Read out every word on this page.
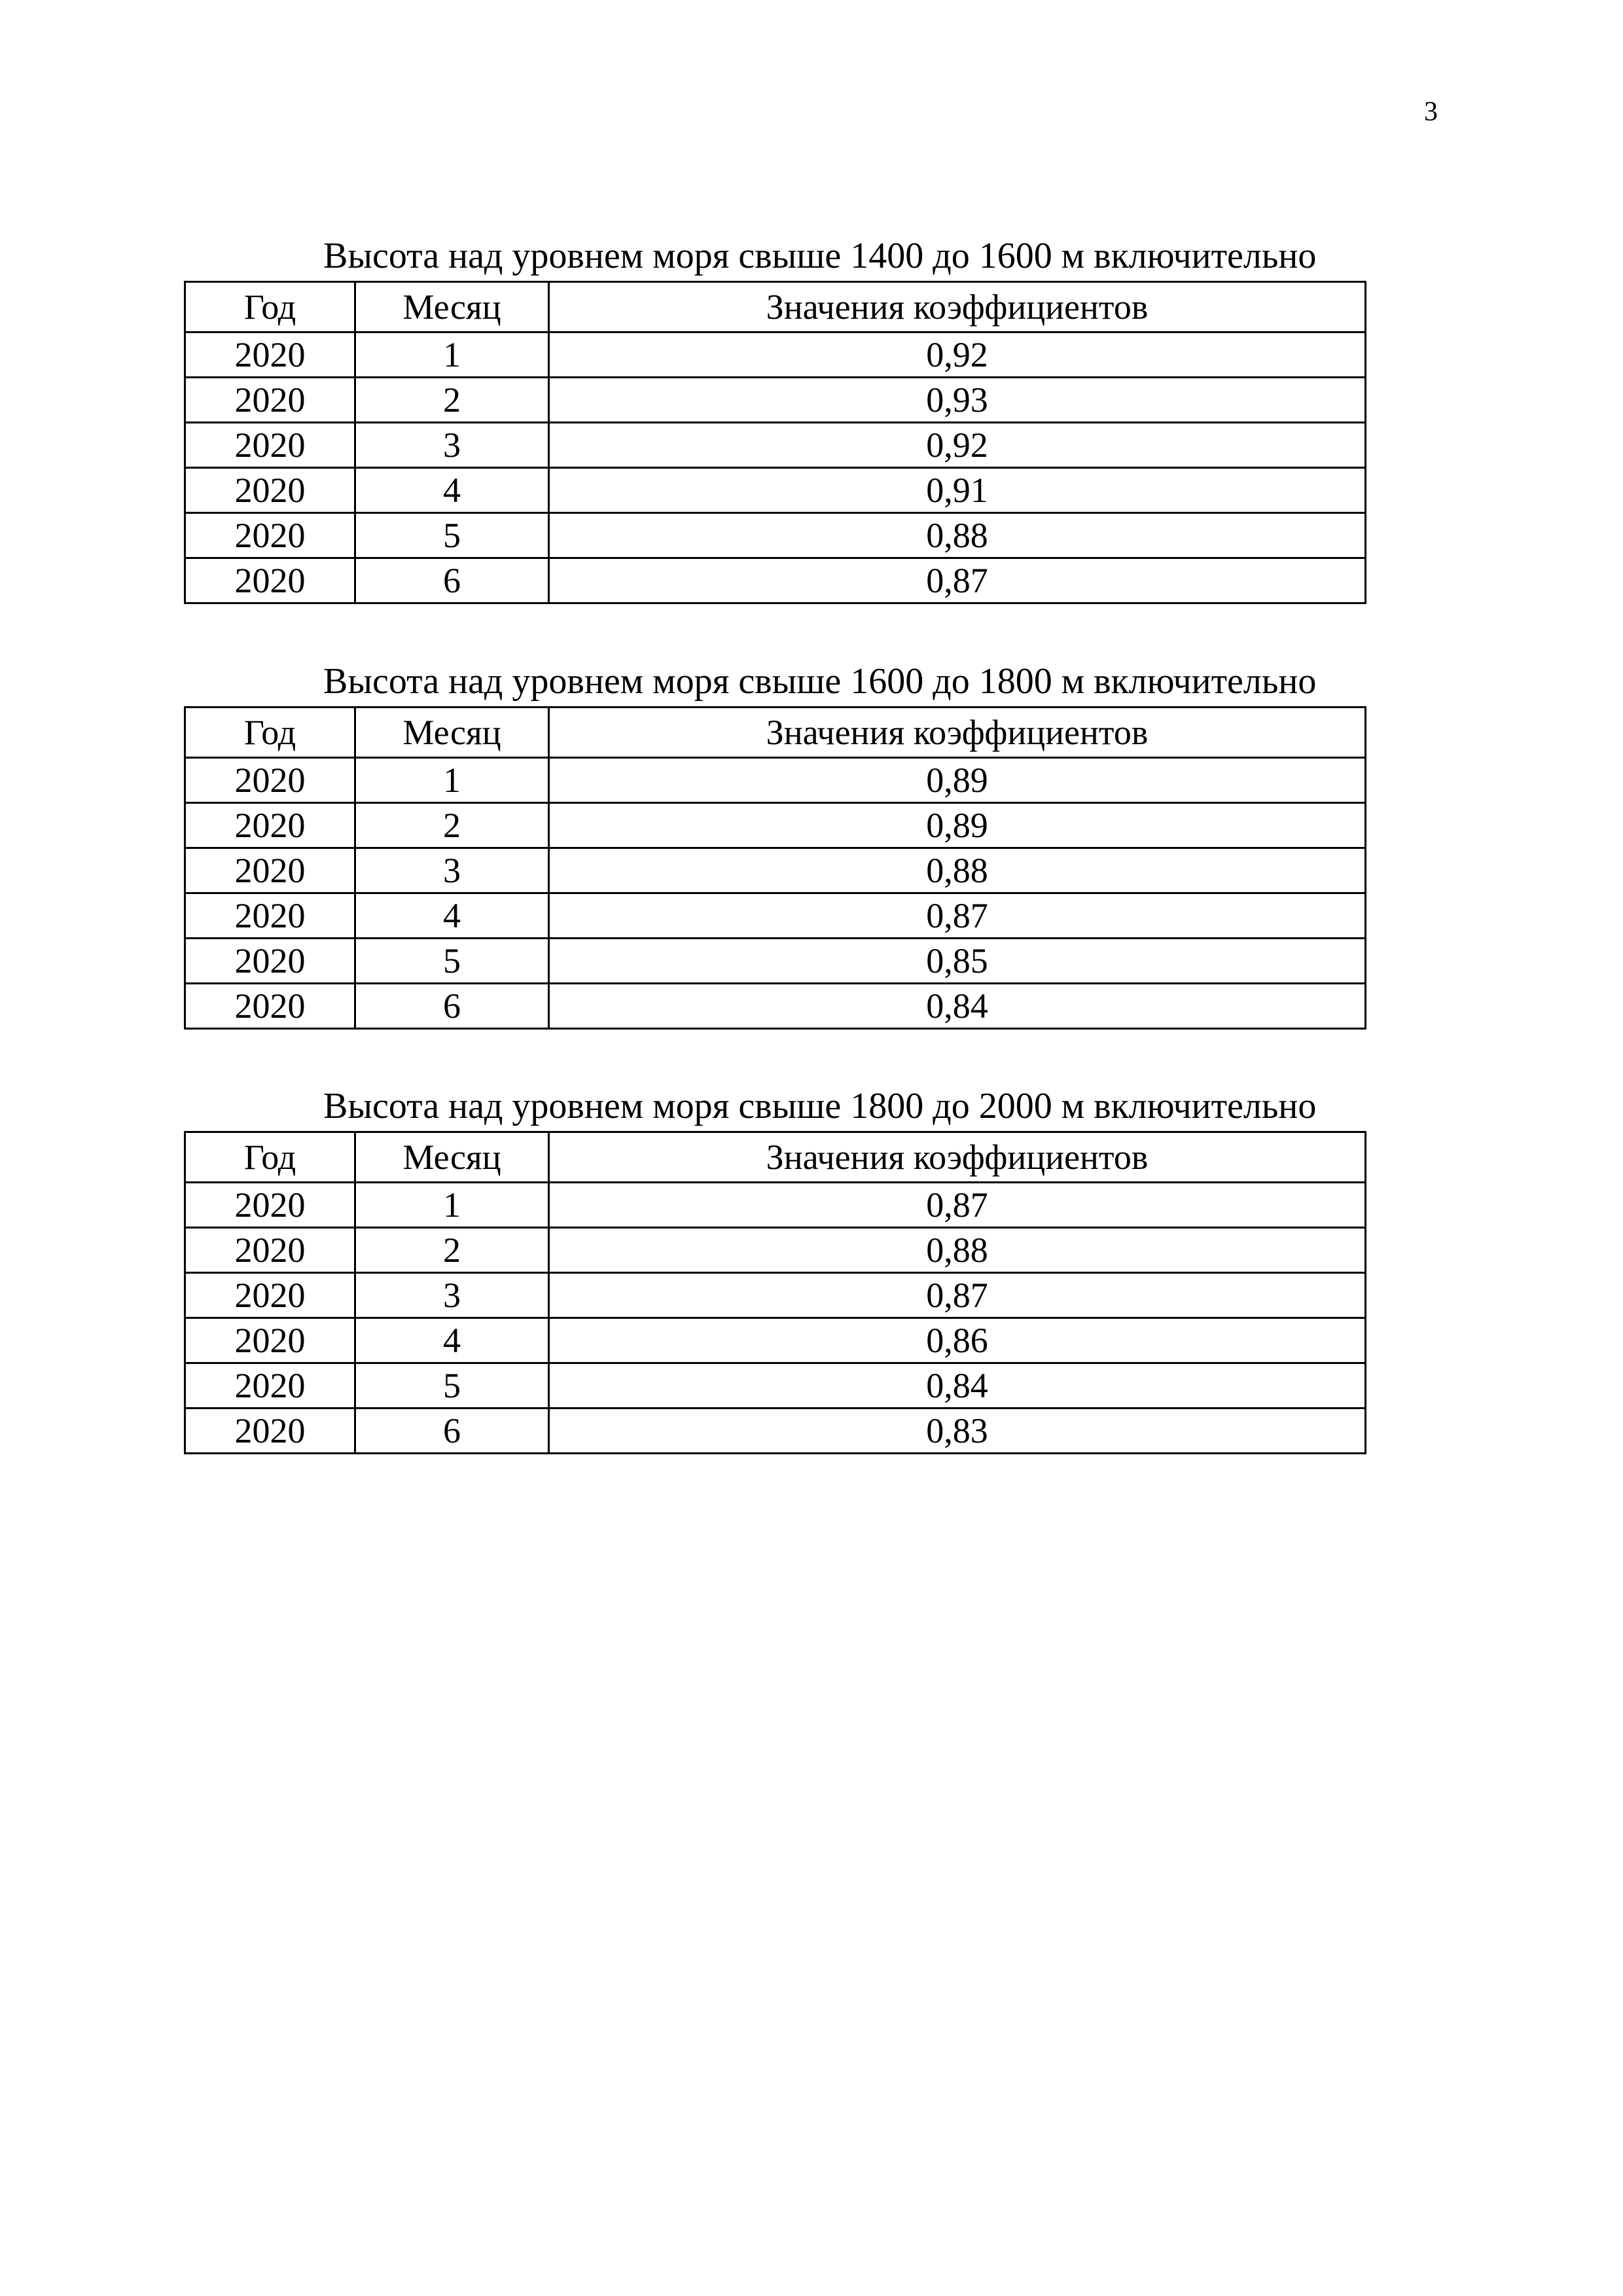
3
Высота над уровнем моря свыше 1400 до 1600 м включительно
Год	Месяц	Значения коэффициентов
2020	1	0,92
2020	2	0,93
2020	3	0,92
2020	4	0,91
2020	5	0,88
2020	6	0,87
Высота над уровнем моря свыше 1600 до 1800 м включительно
Год	Месяц	Значения коэффициентов
2020	1	0,89
2020	2	0,89
2020	3	0,88
2020	4	0,87
2020	5	0,85
2020	6	0,84
Высота над уровнем моря свыше 1800 до 2000 м включительно
Год	Месяц	Значения коэффициентов
2020	1	0,87
2020	2	0,88
2020	3	0,87
2020	4	0,86
2020	5	0,84
2020	6	0,83
